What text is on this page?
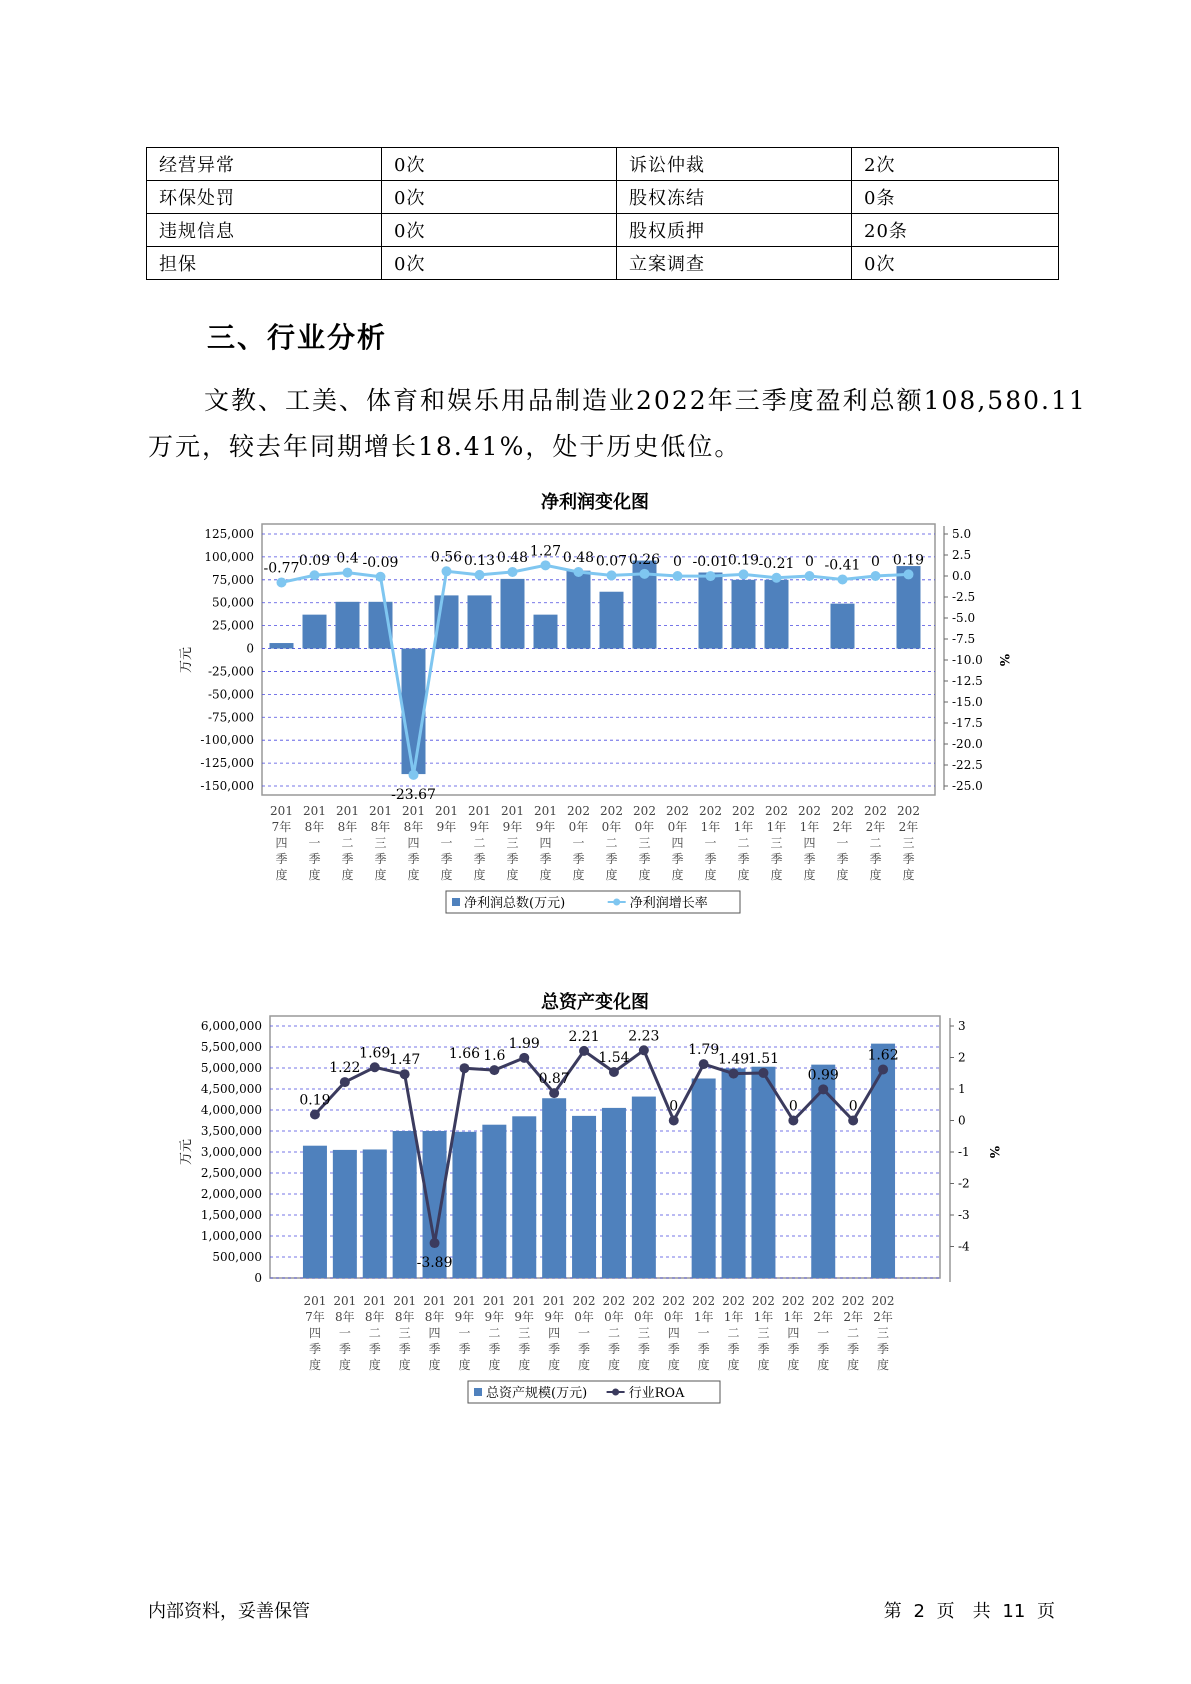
经营异常	0次	诉讼仲裁	2次
环保处罚	0次	股权冻结	0条
违规信息	0次	股权质押	20条
担保	0次	立案调查	0次
三、行业分析

文教、工美、体育和娱乐用品制造业2022年三季度盈利总额108,580.11万元，较去年同期增长18.41%，处于历史低位。

净利润变化图
125,000
100,000
75,000
50,000
25,000
0
-25,000
-50,000
-75,000
-100,000
-125,000
-150,000
5.0
2.5
0.0
-2.5
-5.0
-7.5
-10.0
-12.5
-15.0
-17.5
-20.0
-22.5
-25.0
万元	%
-0.77 0.09 0.4 -0.09
-23.67
0.56 0.13 0.48 1.27 0.48 0.07 0.26 0 -0.01 0.19 -0.21 0 -0.41 0 0.19
201
7年
四
季
度
201
8年
一
季
度
201
8年
二
季
度
201
8年
三
季
度
201
8年
四
季
度
201
9年
一
季
度
201
9年
二
季
度
201
9年
三
季
度
201
9年
四
季
度
202
0年
一
季
度
202
0年
二
季
度
202
0年
三
季
度
202
0年
四
季
度
202
1年
一
季
度
202
1年
二
季
度
202
1年
三
季
度
202
1年
四
季
度
202
2年
一
季
度
202
2年
二
季
度
202
2年
三
季
度
净利润总数(万元)	净利润增长率
总资产变化图
6,000,000
5,500,000
5,000,000
4,500,000
4,000,000
3,500,000
3,000,000
2,500,000
2,000,000
1,500,000
1,000,000
500,000
0
3
2
1
0
-1
-2
-3
-4
万元	%
0.19
1.22
1.69
1.47
-3.89
1.66 1.6
1.99
0.87
2.21
1.54
2.23
0
1.79
1.49
1.51
0
0.99
0
1.62
201
7年
四
季
度
201
8年
一
季
度
201
8年
二
季
度
201
8年
三
季
度
201
8年
四
季
度
201
9年
一
季
度
201
9年
二
季
度
201
9年
三
季
度
201
9年
四
季
度
202
0年
一
季
度
202
0年
二
季
度
202
0年
三
季
度
202
0年
四
季
度
202
1年
一
季
度
202
1年
二
季
度
202
1年
三
季
度
202
1年
四
季
度
202
2年
一
季
度
202
2年
二
季
度
202
2年
三
季
度
总资产规模(万元)	行业ROA
内部资料，妥善保管	第 2 页　共 11 页
